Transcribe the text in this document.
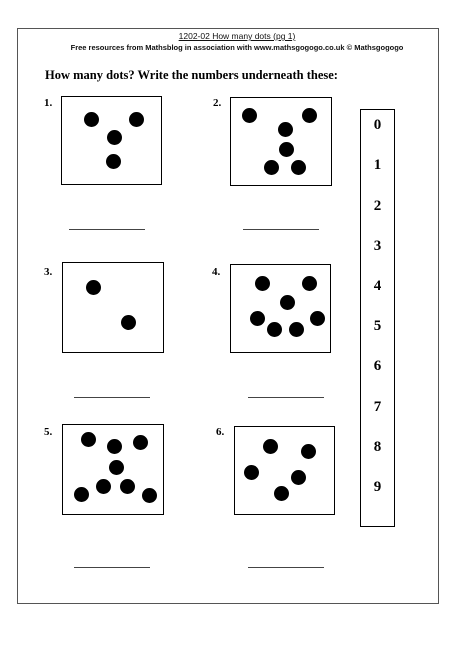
1202-02 How many dots (pg 1)
Free resources from Mathsblog in association with www.mathsgogogo.co.uk © Mathsgogogo
How many dots? Write the numbers underneath these:
1.	2.
3.	4.
5.	6.
0
1
2
3
4
5
6
7
8
9
